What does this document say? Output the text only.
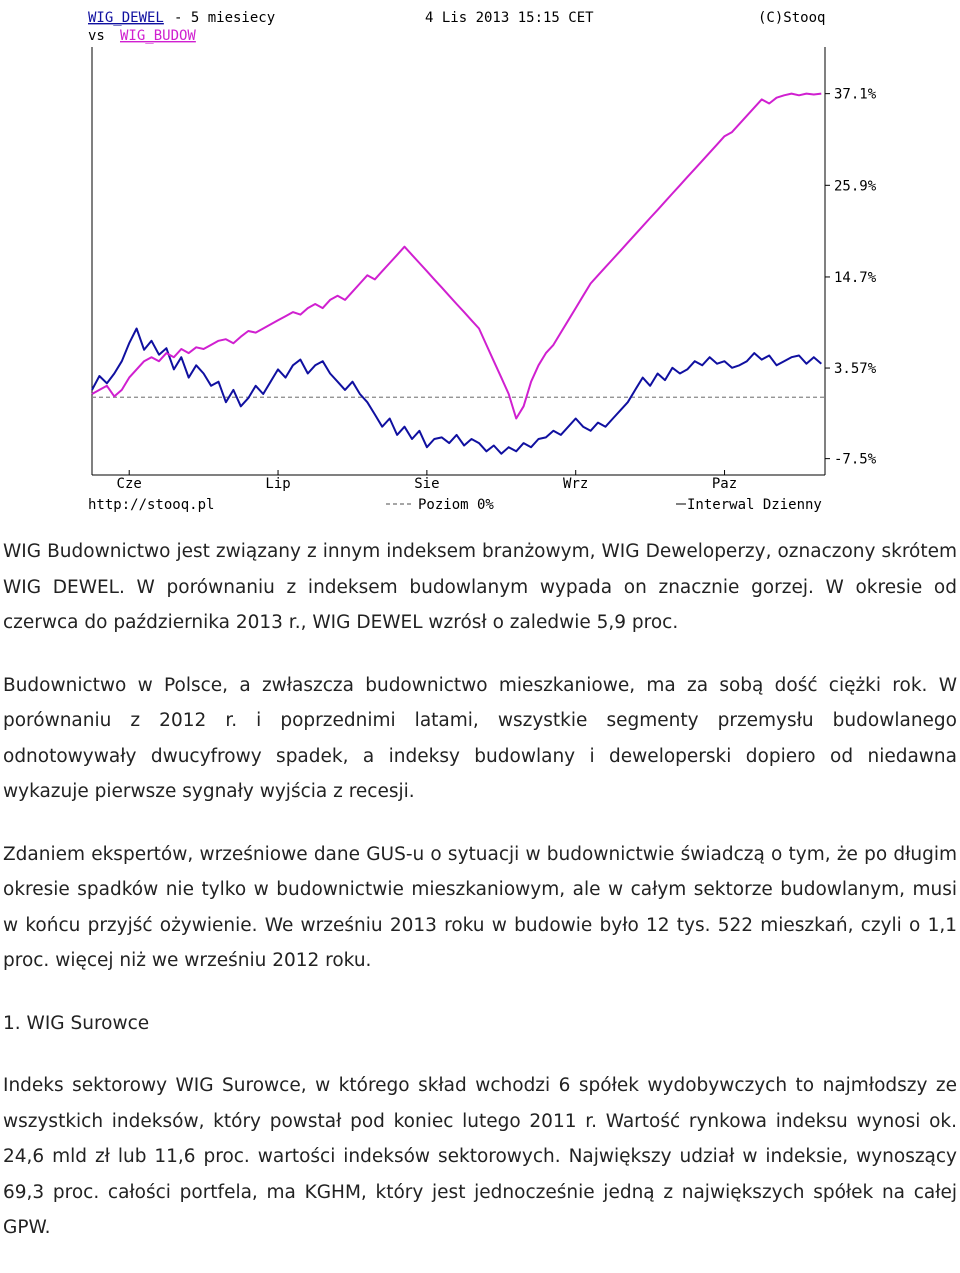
WIG_DEWEL - 5 miesiecy	4 Lis 2013 15:15 CET	(C)Stooq
vs WIG_BUDOW
37.1%
25.9%
14.7%
3.57%
-7.5%
Cze	Lip	Sie	Wrz	Paz
http://stooq.pl	Poziom 0%	Interwal Dzienny

WIG Budownictwo jest związany z innym indeksem branżowym, WIG Deweloperzy, oznaczony skrótem WIG DEWEL. W porównaniu z indeksem budowlanym wypada on znacznie gorzej. W okresie od czerwca do października 2013 r., WIG DEWEL wzrósł o zaledwie 5,9 proc.

Budownictwo w Polsce, a zwłaszcza budownictwo mieszkaniowe, ma za sobą dość ciężki rok. W porównaniu z 2012 r. i poprzednimi latami, wszystkie segmenty przemysłu budowlanego odnotowywały dwucyfrowy spadek, a indeksy budowlany i deweloperski dopiero od niedawna wykazuje pierwsze sygnały wyjścia z recesji.

Zdaniem ekspertów, wrześniowe dane GUS-u o sytuacji w budownictwie świadczą o tym, że po długim okresie spadków nie tylko w budownictwie mieszkaniowym, ale w całym sektorze budowlanym, musi w końcu przyjść ożywienie. We wrześniu 2013 roku w budowie było 12 tys. 522 mieszkań, czyli o 1,1 proc. więcej niż we wrześniu 2012 roku.

1. WIG Surowce

Indeks sektorowy WIG Surowce, w którego skład wchodzi 6 spółek wydobywczych to najmłodszy ze wszystkich indeksów, który powstał pod koniec lutego 2011 r. Wartość rynkowa indeksu wynosi ok. 24,6 mld zł lub 11,6 proc. wartości indeksów sektorowych. Największy udział w indeksie, wynoszący 69,3 proc. całości portfela, ma KGHM, który jest jednocześnie jedną z największych spółek na całej GPW.
